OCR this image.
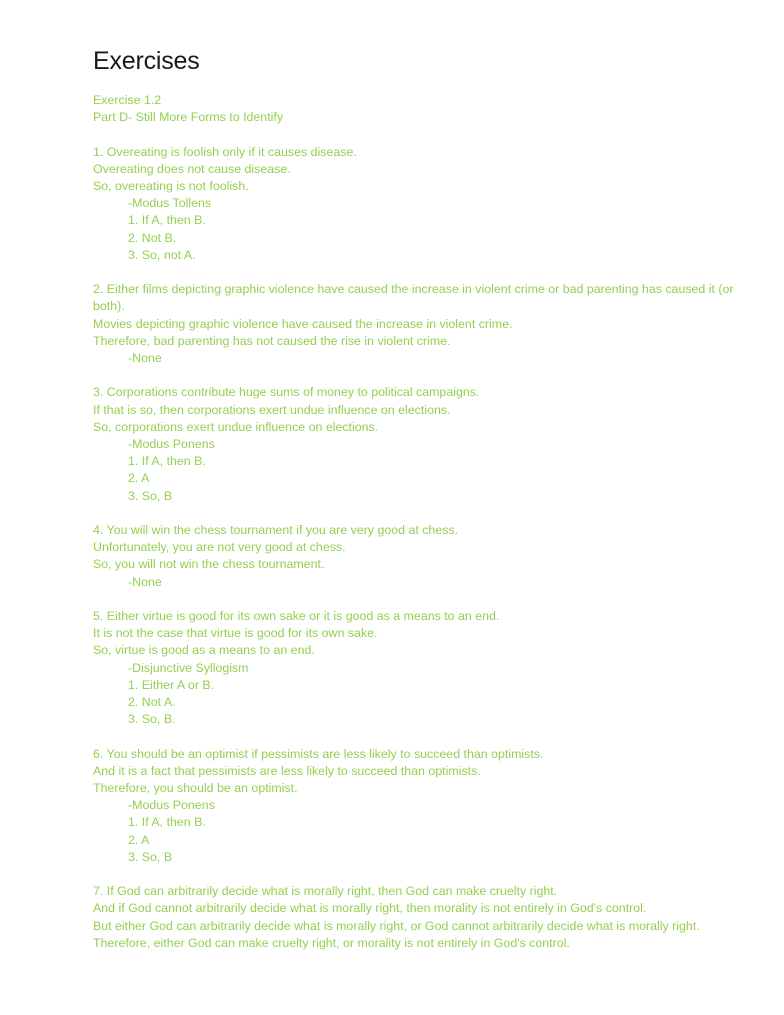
Exercises
Exercise 1.2
Part D- Still More Forms to Identify
1. Overeating is foolish only if it causes disease.
Overeating does not cause disease.
So, overeating is not foolish.
-Modus Tollens
1. If A, then B.
2. Not B.
3. So, not A.
2. Either films depicting graphic violence have caused the increase in violent crime or bad parenting has caused it (or both).
Movies depicting graphic violence have caused the increase in violent crime.
Therefore, bad parenting has not caused the rise in violent crime.
-None
3. Corporations contribute huge sums of money to political campaigns.
If that is so, then corporations exert undue influence on elections.
So, corporations exert undue influence on elections.
-Modus Ponens
1. If A, then B.
2. A
3. So, B
4. You will win the chess tournament if you are very good at chess.
Unfortunately, you are not very good at chess.
So, you will not win the chess tournament.
-None
5. Either virtue is good for its own sake or it is good as a means to an end.
It is not the case that virtue is good for its own sake.
So, virtue is good as a means to an end.
-Disjunctive Syllogism
1. Either A or B.
2. Not A.
3. So, B.
6. You should be an optimist if pessimists are less likely to succeed than optimists.
And it is a fact that pessimists are less likely to succeed than optimists.
Therefore, you should be an optimist.
-Modus Ponens
1. If A, then B.
2. A
3. So, B
7. If God can arbitrarily decide what is morally right, then God can make cruelty right.
And if God cannot arbitrarily decide what is morally right, then morality is not entirely in God's control.
But either God can arbitrarily decide what is morally right, or God cannot arbitrarily decide what is morally right. Therefore, either God can make cruelty right, or morality is not entirely in God's control.
